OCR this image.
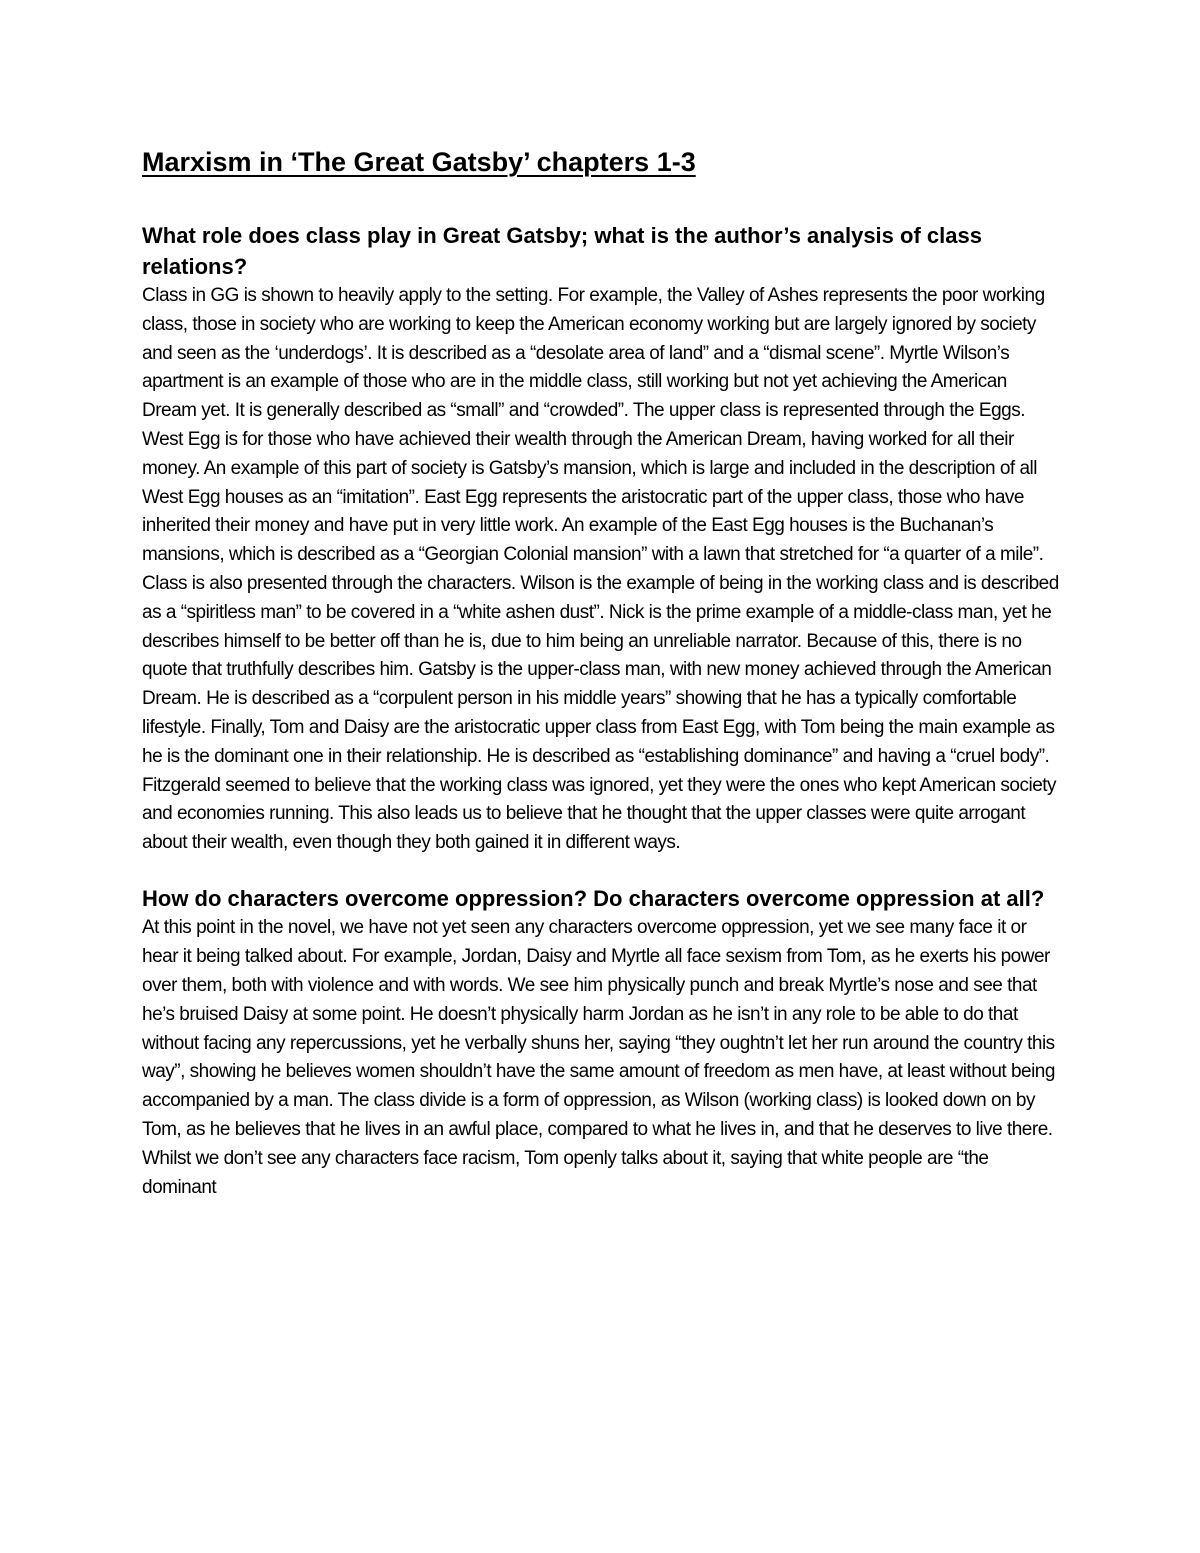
Marxism in ‘The Great Gatsby’ chapters 1-3
What role does class play in Great Gatsby; what is the author’s analysis of class relations?

Class in GG is shown to heavily apply to the setting. For example, the Valley of Ashes represents the poor working class, those in society who are working to keep the American economy working but are largely ignored by society and seen as the ‘underdogs’. It is described as a “desolate area of land” and a “dismal scene”. Myrtle Wilson’s apartment is an example of those who are in the middle class, still working but not yet achieving the American Dream yet. It is generally described as “small” and “crowded”. The upper class is represented through the Eggs. West Egg is for those who have achieved their wealth through the American Dream, having worked for all their money. An example of this part of society is Gatsby’s mansion, which is large and included in the description of all West Egg houses as an “imitation”. East Egg represents the aristocratic part of the upper class, those who have inherited their money and have put in very little work. An example of the East Egg houses is the Buchanan’s mansions, which is described as a “Georgian Colonial mansion” with a lawn that stretched for “a quarter of a mile”. Class is also presented through the characters. Wilson is the example of being in the working class and is described as a “spiritless man” to be covered in a “white ashen dust”. Nick is the prime example of a middle-class man, yet he describes himself to be better off than he is, due to him being an unreliable narrator. Because of this, there is no quote that truthfully describes him. Gatsby is the upper-class man, with new money achieved through the American Dream. He is described as a “corpulent person in his middle years” showing that he has a typically comfortable lifestyle. Finally, Tom and Daisy are the aristocratic upper class from East Egg, with Tom being the main example as he is the dominant one in their relationship. He is described as “establishing dominance” and having a “cruel body”. Fitzgerald seemed to believe that the working class was ignored, yet they were the ones who kept American society and economies running. This also leads us to believe that he thought that the upper classes were quite arrogant about their wealth, even though they both gained it in different ways.

How do characters overcome oppression? Do characters overcome oppression at all?

At this point in the novel, we have not yet seen any characters overcome oppression, yet we see many face it or hear it being talked about. For example, Jordan, Daisy and Myrtle all face sexism from Tom, as he exerts his power over them, both with violence and with words. We see him physically punch and break Myrtle’s nose and see that he’s bruised Daisy at some point. He doesn’t physically harm Jordan as he isn’t in any role to be able to do that without facing any repercussions, yet he verbally shuns her, saying “they oughtn’t let her run around the country this way”, showing he believes women shouldn’t have the same amount of freedom as men have, at least without being accompanied by a man. The class divide is a form of oppression, as Wilson (working class) is looked down on by Tom, as he believes that he lives in an awful place, compared to what he lives in, and that he deserves to live there. Whilst we don’t see any characters face racism, Tom openly talks about it, saying that white people are “the dominant
